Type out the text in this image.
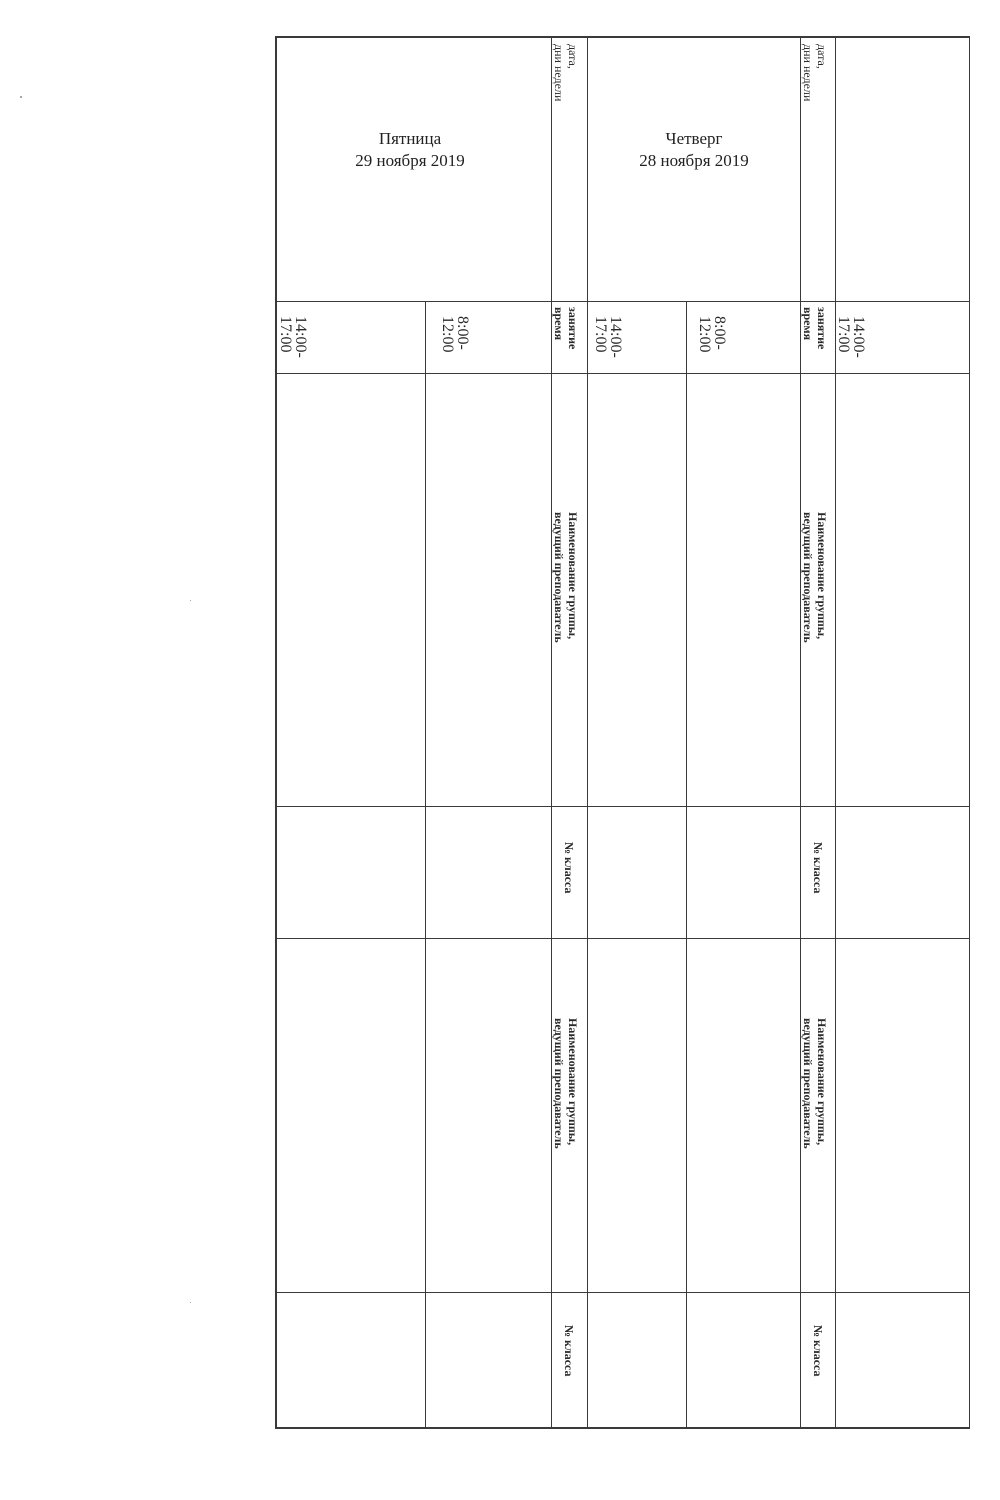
дата,
дни недели
занятие
время
Наименование группы,
ведущий преподаватель
№ класса
Наименование группы,
ведущий преподаватель
№ класса
14:00-
17:00
Четверг
28 ноября 2019
8:00-
12:00
14:00-
17:00
дата,
дни недели
занятие
время
Наименование группы,
ведущий преподаватель
№ класса
Наименование группы,
ведущий преподаватель
№ класса
Пятница
29 ноября 2019
8:00-
12:00
14:00-
17:00
